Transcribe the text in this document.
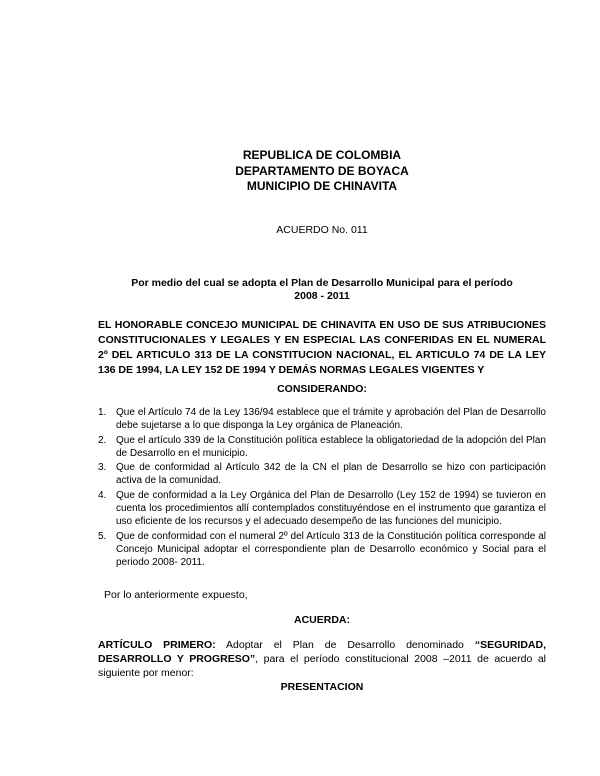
REPUBLICA DE COLOMBIA
DEPARTAMENTO DE BOYACA
MUNICIPIO DE CHINAVITA
ACUERDO No. 011
Por medio del cual se adopta el Plan de Desarrollo Municipal para el período
2008 - 2011
EL HONORABLE CONCEJO MUNICIPAL DE CHINAVITA EN USO DE SUS ATRIBUCIONES CONSTITUCIONALES Y LEGALES Y EN ESPECIAL LAS CONFERIDAS EN EL NUMERAL 2º DEL ARTICULO 313 DE LA CONSTITUCION NACIONAL, EL ARTICULO 74 DE LA LEY 136 DE 1994, LA LEY 152 DE 1994 Y DEMÁS NORMAS LEGALES VIGENTES Y
CONSIDERANDO:
1. Que el Artículo 74 de la Ley 136/94 establece que el trámite y aprobación del Plan de Desarrollo debe sujetarse a lo que disponga la Ley orgánica de Planeación.
2. Que el artículo 339 de la Constitución política establece la obligatoriedad de la adopción del Plan de Desarrollo en el municipio.
3. Que de conformidad al Artículo 342 de la CN el plan de Desarrollo se hizo con participación activa de la comunidad.
4. Que de conformidad a la Ley Orgánica del Plan de Desarrollo (Ley 152 de 1994) se tuvieron en cuenta los procedimientos allí contemplados constituyéndose en el instrumento que garantiza el uso eficiente de los recursos y el adecuado desempeño de las funciones del municipio.
5. Que de conformidad con el numeral 2º del Artículo 313 de la Constitución política corresponde al Concejo Municipal adoptar el correspondiente plan de Desarrollo económico y Social para el periodo 2008- 2011.
Por lo anteriormente expuesto,
ACUERDA:
ARTÍCULO PRIMERO: Adoptar el Plan de Desarrollo denominado “SEGURIDAD, DESARROLLO Y PROGRESO”, para el período constitucional 2008 –2011 de acuerdo al siguiente por menor:
PRESENTACION
